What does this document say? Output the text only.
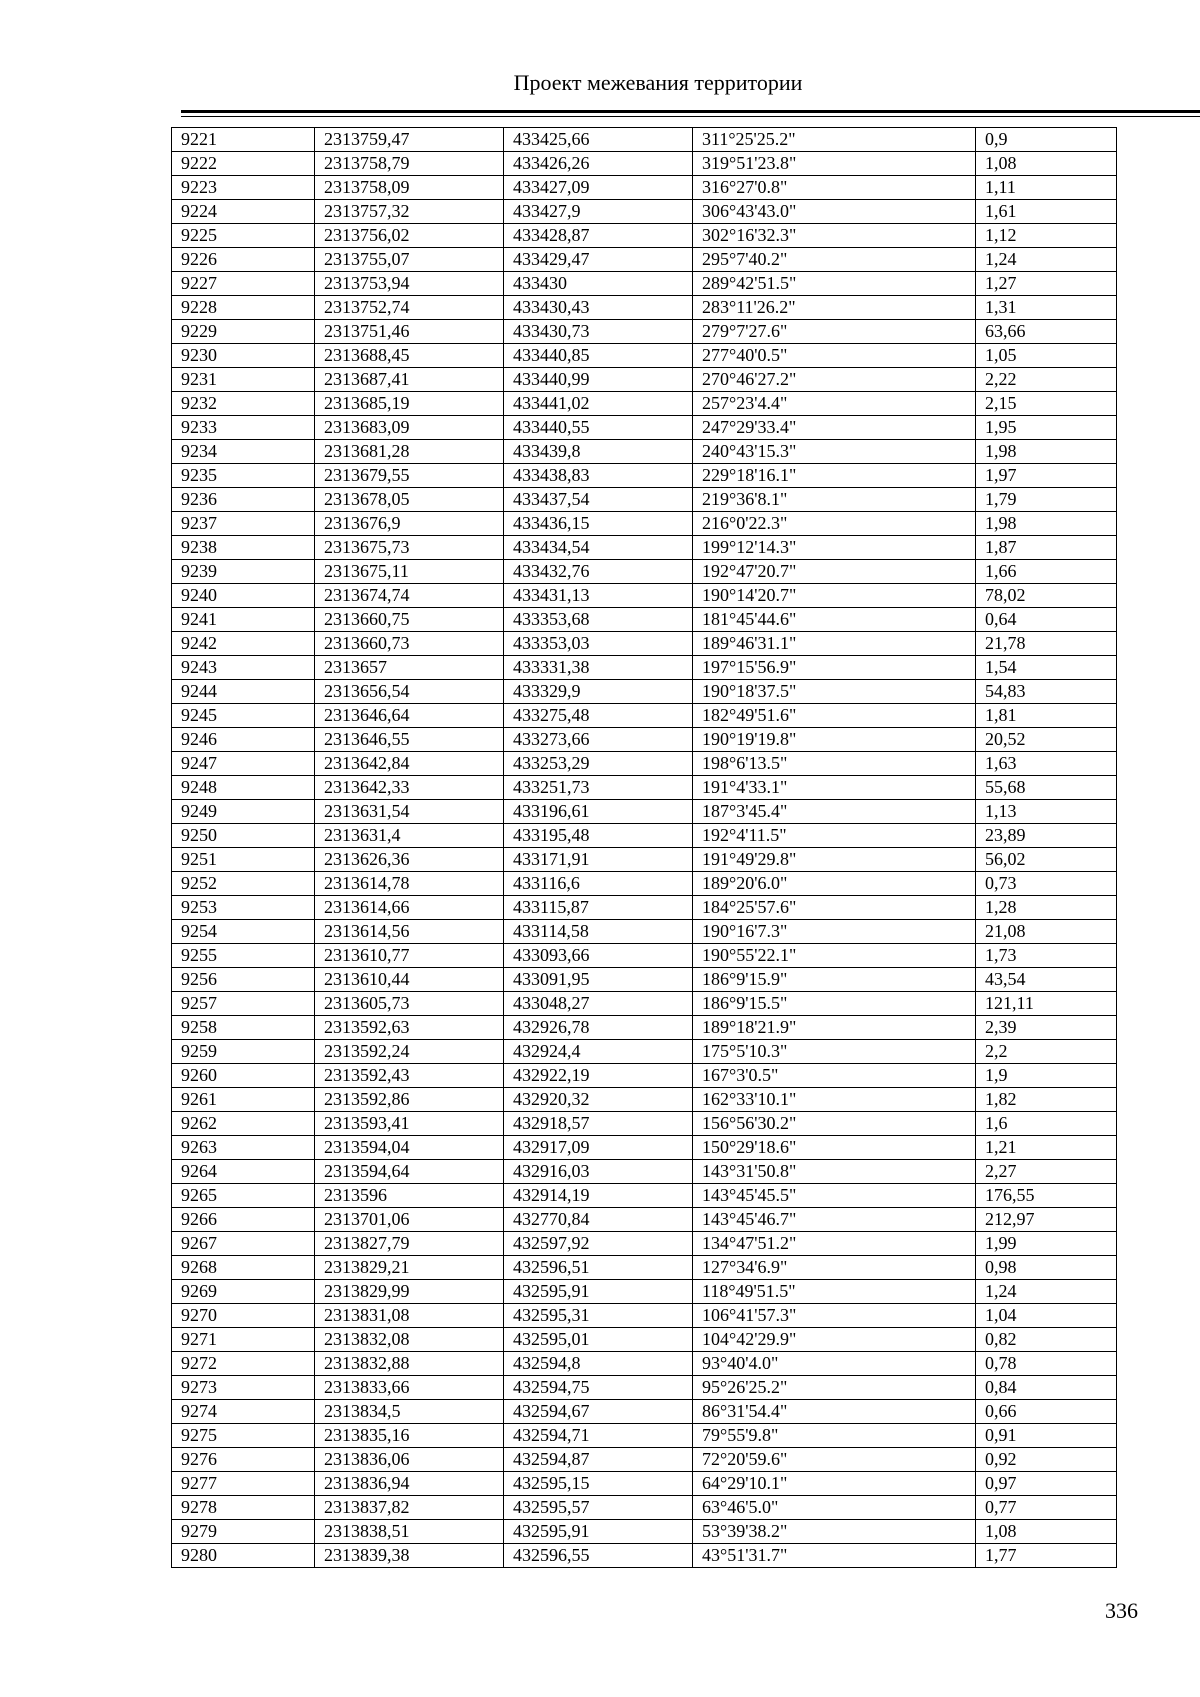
Проект межевания территории
9221	2313759,47	433425,66	311°25'25.2"	0,9
9222	2313758,79	433426,26	319°51'23.8"	1,08
9223	2313758,09	433427,09	316°27'0.8"	1,11
9224	2313757,32	433427,9	306°43'43.0"	1,61
9225	2313756,02	433428,87	302°16'32.3"	1,12
9226	2313755,07	433429,47	295°7'40.2"	1,24
9227	2313753,94	433430	289°42'51.5"	1,27
9228	2313752,74	433430,43	283°11'26.2"	1,31
9229	2313751,46	433430,73	279°7'27.6"	63,66
9230	2313688,45	433440,85	277°40'0.5"	1,05
9231	2313687,41	433440,99	270°46'27.2"	2,22
9232	2313685,19	433441,02	257°23'4.4"	2,15
9233	2313683,09	433440,55	247°29'33.4"	1,95
9234	2313681,28	433439,8	240°43'15.3"	1,98
9235	2313679,55	433438,83	229°18'16.1"	1,97
9236	2313678,05	433437,54	219°36'8.1"	1,79
9237	2313676,9	433436,15	216°0'22.3"	1,98
9238	2313675,73	433434,54	199°12'14.3"	1,87
9239	2313675,11	433432,76	192°47'20.7"	1,66
9240	2313674,74	433431,13	190°14'20.7"	78,02
9241	2313660,75	433353,68	181°45'44.6"	0,64
9242	2313660,73	433353,03	189°46'31.1"	21,78
9243	2313657	433331,38	197°15'56.9"	1,54
9244	2313656,54	433329,9	190°18'37.5"	54,83
9245	2313646,64	433275,48	182°49'51.6"	1,81
9246	2313646,55	433273,66	190°19'19.8"	20,52
9247	2313642,84	433253,29	198°6'13.5"	1,63
9248	2313642,33	433251,73	191°4'33.1"	55,68
9249	2313631,54	433196,61	187°3'45.4"	1,13
9250	2313631,4	433195,48	192°4'11.5"	23,89
9251	2313626,36	433171,91	191°49'29.8"	56,02
9252	2313614,78	433116,6	189°20'6.0"	0,73
9253	2313614,66	433115,87	184°25'57.6"	1,28
9254	2313614,56	433114,58	190°16'7.3"	21,08
9255	2313610,77	433093,66	190°55'22.1"	1,73
9256	2313610,44	433091,95	186°9'15.9"	43,54
9257	2313605,73	433048,27	186°9'15.5"	121,11
9258	2313592,63	432926,78	189°18'21.9"	2,39
9259	2313592,24	432924,4	175°5'10.3"	2,2
9260	2313592,43	432922,19	167°3'0.5"	1,9
9261	2313592,86	432920,32	162°33'10.1"	1,82
9262	2313593,41	432918,57	156°56'30.2"	1,6
9263	2313594,04	432917,09	150°29'18.6"	1,21
9264	2313594,64	432916,03	143°31'50.8"	2,27
9265	2313596	432914,19	143°45'45.5"	176,55
9266	2313701,06	432770,84	143°45'46.7"	212,97
9267	2313827,79	432597,92	134°47'51.2"	1,99
9268	2313829,21	432596,51	127°34'6.9"	0,98
9269	2313829,99	432595,91	118°49'51.5"	1,24
9270	2313831,08	432595,31	106°41'57.3"	1,04
9271	2313832,08	432595,01	104°42'29.9"	0,82
9272	2313832,88	432594,8	93°40'4.0"	0,78
9273	2313833,66	432594,75	95°26'25.2"	0,84
9274	2313834,5	432594,67	86°31'54.4"	0,66
9275	2313835,16	432594,71	79°55'9.8"	0,91
9276	2313836,06	432594,87	72°20'59.6"	0,92
9277	2313836,94	432595,15	64°29'10.1"	0,97
9278	2313837,82	432595,57	63°46'5.0"	0,77
9279	2313838,51	432595,91	53°39'38.2"	1,08
9280	2313839,38	432596,55	43°51'31.7"	1,77
336
